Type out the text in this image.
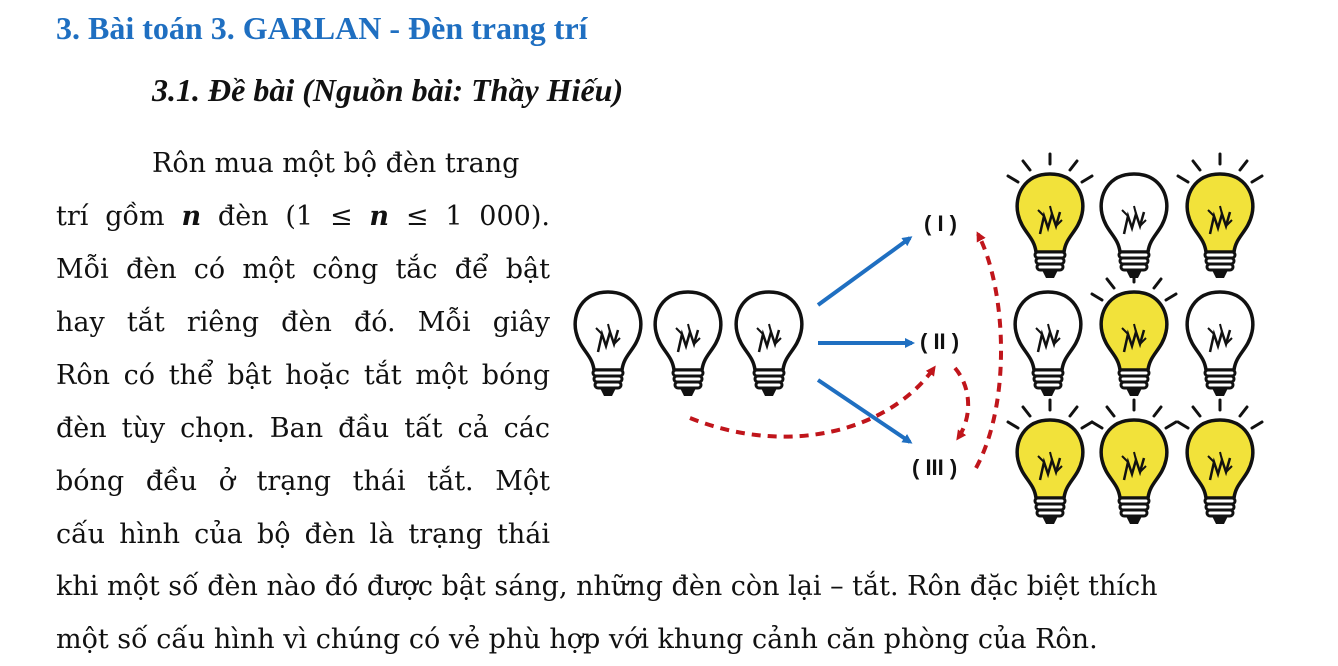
3. Bài toán 3. GARLAN - Đèn trang trí
3.1. Đề bài (Nguồn bài: Thầy Hiếu)
Rôn mua một bộ đèn trang
trí gồm n đèn (1 ≤ n ≤ 1 000).
Mỗi đèn có một công tắc để bật
hay tắt riêng đèn đó. Mỗi giây
Rôn có thể bật hoặc tắt một bóng
đèn tùy chọn. Ban đầu tất cả các
bóng đều ở trạng thái tắt. Một
cấu hình của bộ đèn là trạng thái
khi một số đèn nào đó được bật sáng, những đèn còn lại – tắt. Rôn đặc biệt thích
một số cấu hình vì chúng có vẻ phù hợp với khung cảnh căn phòng của Rôn.
( I )
( II )
( III )
